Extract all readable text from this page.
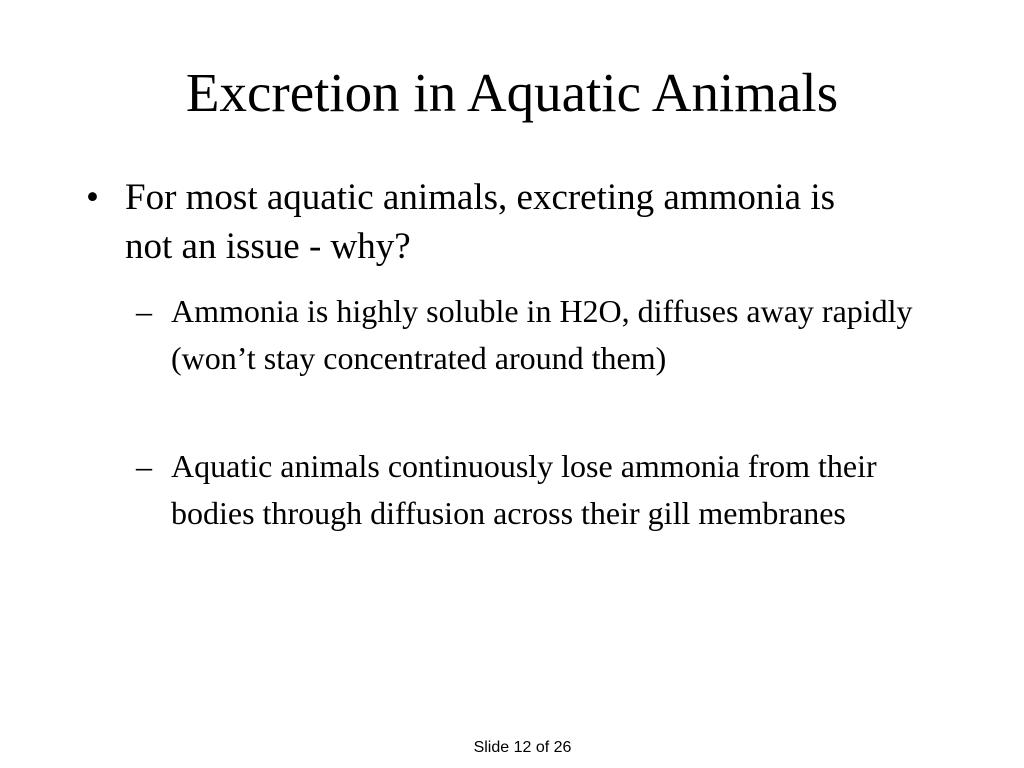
Excretion in Aquatic Animals
• For most aquatic animals, excreting ammonia is not an issue - why?
– Ammonia is highly soluble in H2O, diffuses away rapidly (won’t stay concentrated around them)
– Aquatic animals continuously lose ammonia from their bodies through diffusion across their gill membranes
Slide 12 of 26
